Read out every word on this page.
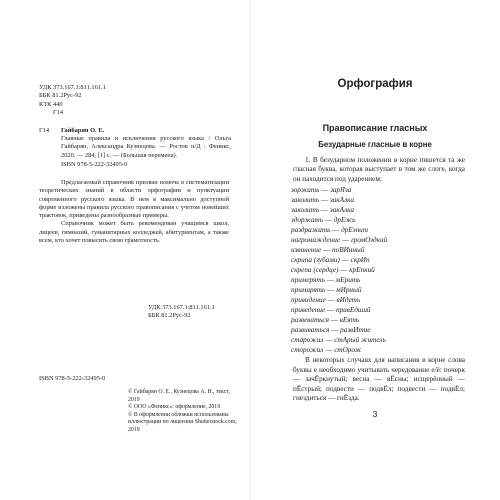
УДК 373.167.1:811.161.1
ББК 81.2Рус-92
КТК 440
Г14
Г14 Гайбарян О. Е.
Главные правила и исключения русского языка / Ольга Гайбарян, Александра Кузнецова. — Ростов н/Д : Феникс, 2020. — 284, [1] с. — (Большая перемена).
ISBN 978-5-222-32495-0

Предлагаемый справочник призван помочь в систематизации теоретических знаний в области орфографии и пунктуации современного русского языка. В нем в максимально доступной форме изложены правила русского правописания с учетом новейших трактовок, приведены разнообразные примеры.

Справочник может быть рекомендован учащимся школ, лицеев, гимназий, гуманитарных колледжей, абитуриентам, а также всем, кто хочет повысить свою грамотность.

УДК 373.167.1:811.161.1
ББК 81.2Рус-92
ISBN 978-5-222-32495-0
© Гайбарян О. Е., Кузнецова А. Н., текст, 2019
© ООО «Феникс»: оформление, 2019
© В оформлении обложки использованы иллюстрации по лицензии Shutterstock.com, 2019
Орфография
Правописание гласных
Безударные гласные в корне

1. В безударном положении в корне пишется та же гласная буква, которая выступает в том же слоге, когда он находится под ударением:

зоржать — зарЯза
заколить — закАлка
заколить — закАлка
здоржать — дрЕжь
раздражать — дрЕзнит
нагромаждение — громОздкий
извинение — поВИнный
скрипа (зубами) — скрИп
скрепа (сердце) — крЕпкий
примерять — мЕрить
примирять — мИрный
привидение — вИдеть
приведение — привЕдший
развеваться — вЕять
развиваться — развИтие
старожил — стАрый житель
сторожил — стОрож

В некоторых случаях для написания в корне слова буквы е необходимо учитывать чередование е/ё: почерк — зачЁркнутый; весна — вЁсны; исщерённый — пЁстрый; подвести — подвЁл; подвести — подвЁл; гнездиться — гнЁзда.

3
